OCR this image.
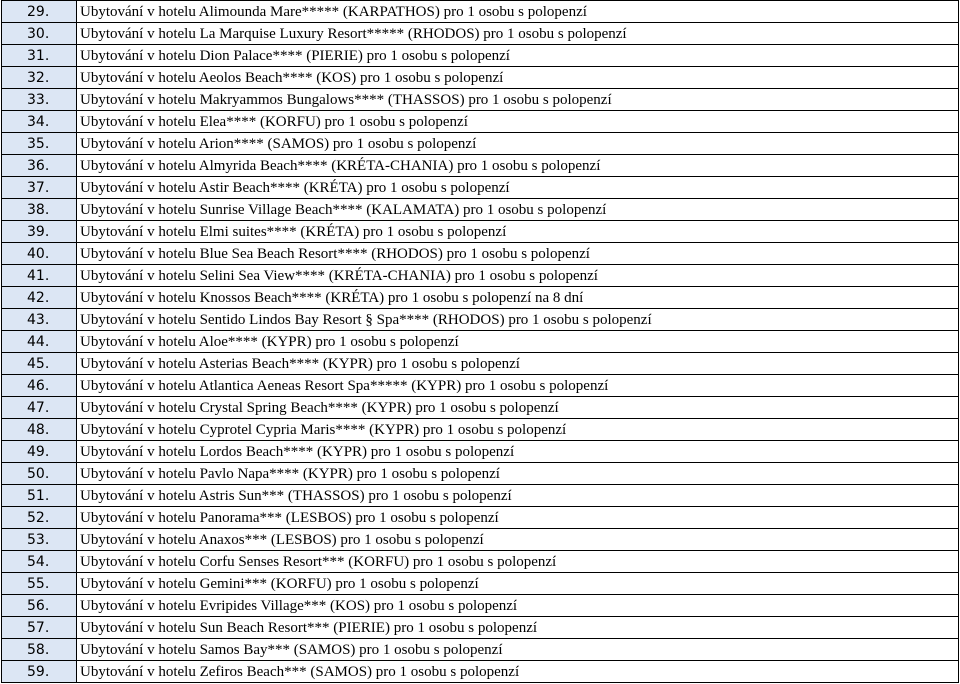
29.	Ubytování v hotelu Alimounda Mare***** (KARPATHOS) pro 1 osobu s polopenzí
30.	Ubytování v hotelu La Marquise Luxury Resort***** (RHODOS) pro 1 osobu s polopenzí
31.	Ubytování v hotelu Dion Palace**** (PIERIE) pro 1 osobu s polopenzí
32.	Ubytování v hotelu Aeolos Beach**** (KOS) pro 1 osobu s polopenzí
33.	Ubytování v hotelu Makryammos Bungalows**** (THASSOS) pro 1 osobu s polopenzí
34.	Ubytování v hotelu Elea**** (KORFU) pro 1 osobu s polopenzí
35.	Ubytování v hotelu Arion**** (SAMOS) pro 1 osobu s polopenzí
36.	Ubytování v hotelu Almyrida Beach**** (KRÉTA-CHANIA) pro 1 osobu s polopenzí
37.	Ubytování v hotelu Astir Beach**** (KRÉTA) pro 1 osobu s polopenzí
38.	Ubytování v hotelu Sunrise Village Beach**** (KALAMATA) pro 1 osobu s polopenzí
39.	Ubytování v hotelu Elmi suites**** (KRÉTA) pro 1 osobu s polopenzí
40.	Ubytování v hotelu Blue Sea Beach Resort**** (RHODOS) pro 1 osobu s polopenzí
41.	Ubytování v hotelu Selini Sea View**** (KRÉTA-CHANIA) pro 1 osobu s polopenzí
42.	Ubytování v hotelu Knossos Beach**** (KRÉTA) pro 1 osobu s polopenzí na 8 dní
43.	Ubytování v hotelu Sentido Lindos Bay Resort § Spa**** (RHODOS) pro 1 osobu s polopenzí
44.	Ubytování v hotelu Aloe**** (KYPR) pro 1 osobu s polopenzí
45.	Ubytování v hotelu Asterias Beach**** (KYPR) pro 1 osobu s polopenzí
46.	Ubytování v hotelu Atlantica Aeneas Resort Spa***** (KYPR) pro 1 osobu s polopenzí
47.	Ubytování v hotelu Crystal Spring Beach**** (KYPR) pro 1 osobu s polopenzí
48.	Ubytování v hotelu Cyprotel Cypria Maris**** (KYPR) pro 1 osobu s polopenzí
49.	Ubytování v hotelu Lordos Beach**** (KYPR) pro 1 osobu s polopenzí
50.	Ubytování v hotelu Pavlo Napa**** (KYPR) pro 1 osobu s polopenzí
51.	Ubytování v hotelu Astris Sun*** (THASSOS) pro 1 osobu s polopenzí
52.	Ubytování v hotelu Panorama*** (LESBOS) pro 1 osobu s polopenzí
53.	Ubytování v hotelu Anaxos*** (LESBOS) pro 1 osobu s polopenzí
54.	Ubytování v hotelu Corfu Senses Resort*** (KORFU) pro 1 osobu s polopenzí
55.	Ubytování v hotelu Gemini*** (KORFU) pro 1 osobu s polopenzí
56.	Ubytování v hotelu Evripides Village*** (KOS) pro 1 osobu s polopenzí
57.	Ubytování v hotelu Sun Beach Resort*** (PIERIE) pro 1 osobu s polopenzí
58.	Ubytování v hotelu Samos Bay*** (SAMOS) pro 1 osobu s polopenzí
59.	Ubytování v hotelu Zefiros Beach*** (SAMOS) pro 1 osobu s polopenzí
